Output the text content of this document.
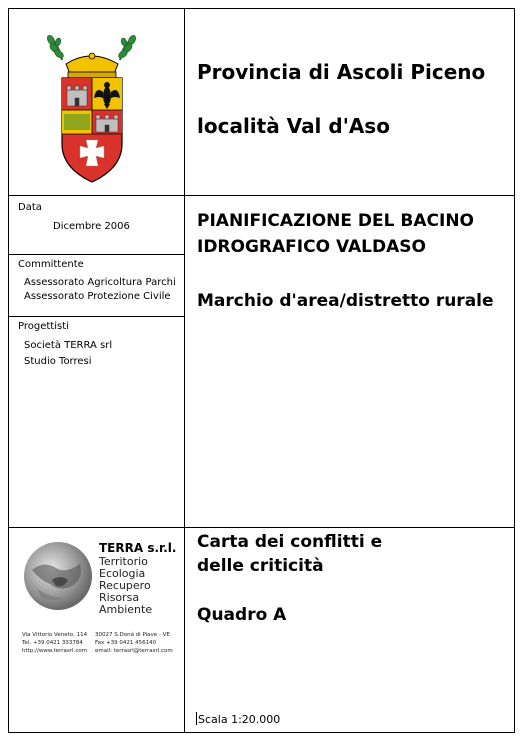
Provincia di Ascoli Piceno
località Val d'Aso
Data
Dicembre 2006
Committente
Assessorato Agricoltura Parchi
Assessorato Protezione Civile
Progettisti
Società TERRA srl
Studio Torresi
PIANIFICAZIONE DEL BACINO
IDROGRAFICO VALDASO
Marchio d'area/distretto rurale
TERRA s.r.l.
Territorio
Ecologia
Recupero
Risorsa
Ambiente
Via Vittorio Veneto, 114
Tel. +39 0421 333784
http://www.terrasrl.com
30027 S.Donà di Piave - VE
Fax +39 0421 456140
email: terrasrl@terrasrl.com
Carta dei conflitti e
delle criticità
Quadro A
Scala 1:20.000
